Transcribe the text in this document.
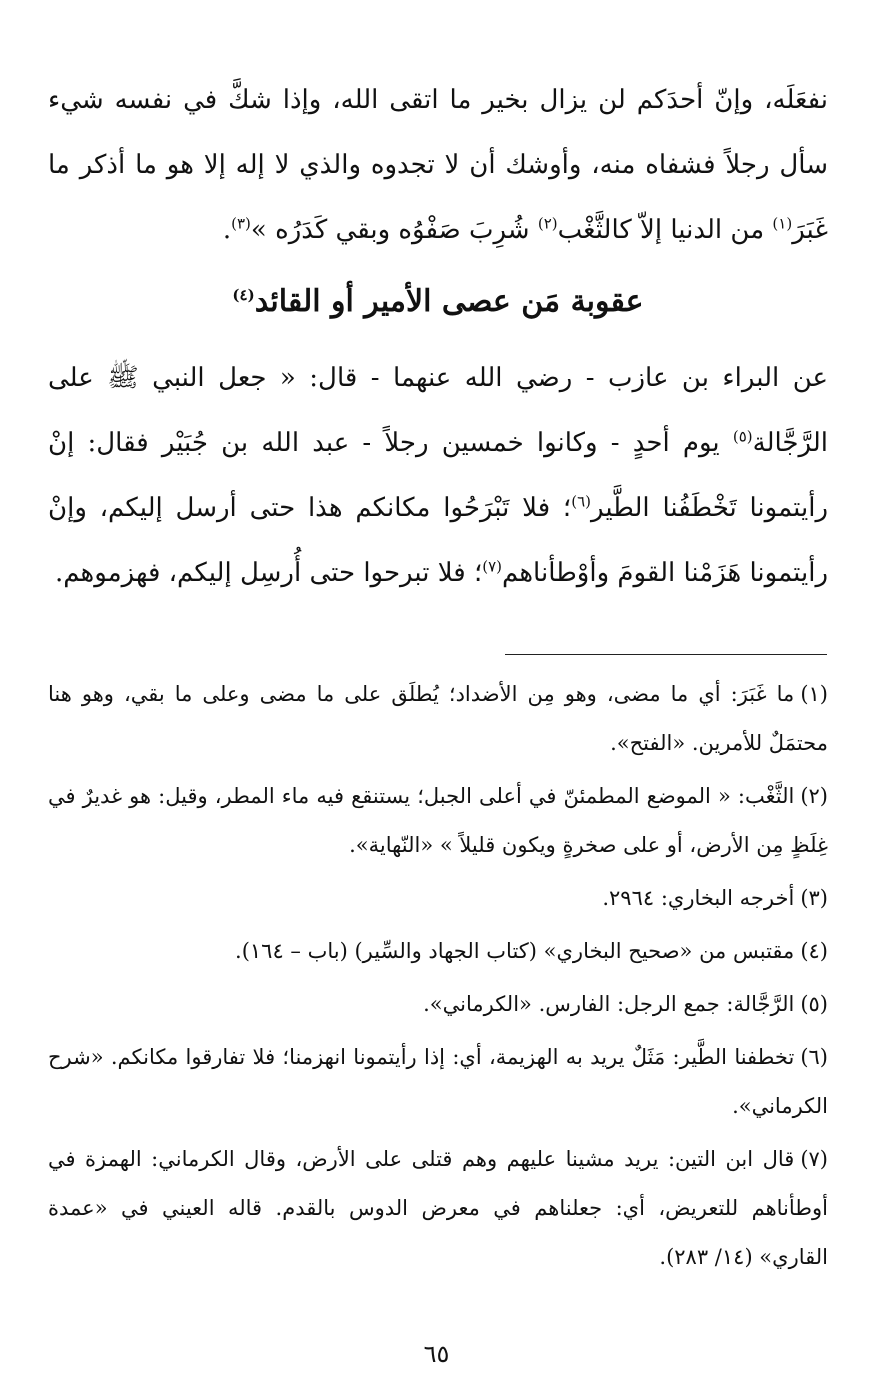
نفعَلَه، وإنّ أحدَكم لن يزال بخير ما اتقى الله، وإذا شكَّ في نفسه شيء سأل رجلاً فشفاه منه، وأوشك أن لا تجدوه والذي لا إله إلا هو ما أذكر ما غَبَرَ$^{(١)}$ من الدنيا إلاّ كالثَّغْب$^{(٢)}$ شُرِبَ صَفْوُه وبقي كَدَرُه »$^{(٣)}$.

عقوبة مَن عصى الأمير أو القائد$^{(٤)}$

عن البراء بن عازب - رضي الله عنهما - قال: « جعل النبي ﷺ على الرَّجَّالة$^{(٥)}$ يوم أحدٍ - وكانوا خمسين رجلاً - عبد الله بن جُبَيْر فقال: إنْ رأيتمونا تَخْطَفُنا الطَّير$^{(٦)}$؛ فلا تَبْرَحُوا مكانكم هذا حتى أرسل إليكم، وإنْ رأيتمونا هَزَمْنا القومَ وأوْطأناهم$^{(٧)}$؛ فلا تبرحوا حتى أُرسِل إليكم، فهزموهم.

(١)ما غَبَرَ: أي ما مضى، وهو مِن الأضداد؛ يُطلَق على ما مضى وعلى ما بقي، وهو هنا محتمَلٌ للأمرين. «الفتح».
(٢)الثَّغْب: « الموضع المطمئنّ في أعلى الجبل؛ يستنقع فيه ماء المطر، وقيل: هو غديرٌ في غِلَظٍ مِن الأرض، أو على صخرةٍ ويكون قليلاً » «النّهاية».
(٣)أخرجه البخاري: ٢٩٦٤.
(٤)مقتبس من «صحيح البخاري» (كتاب الجهاد والسِّير) (باب – ١٦٤).
(٥)الرَّجَّالة: جمع الرجل: الفارس. «الكرماني».
(٦)تخطفنا الطَّير: مَثَلٌ يريد به الهزيمة، أي: إذا رأيتمونا انهزمنا؛ فلا تفارقوا مكانكم. «شرح الكرماني».
(٧)قال ابن التين: يريد مشينا عليهم وهم قتلى على الأرض، وقال الكرماني: الهمزة في أوطأناهم للتعريض، أي: جعلناهم في معرض الدوس بالقدم. قاله العيني في «عمدة القاري» (١٤/ ٢٨٣).
٦٥
